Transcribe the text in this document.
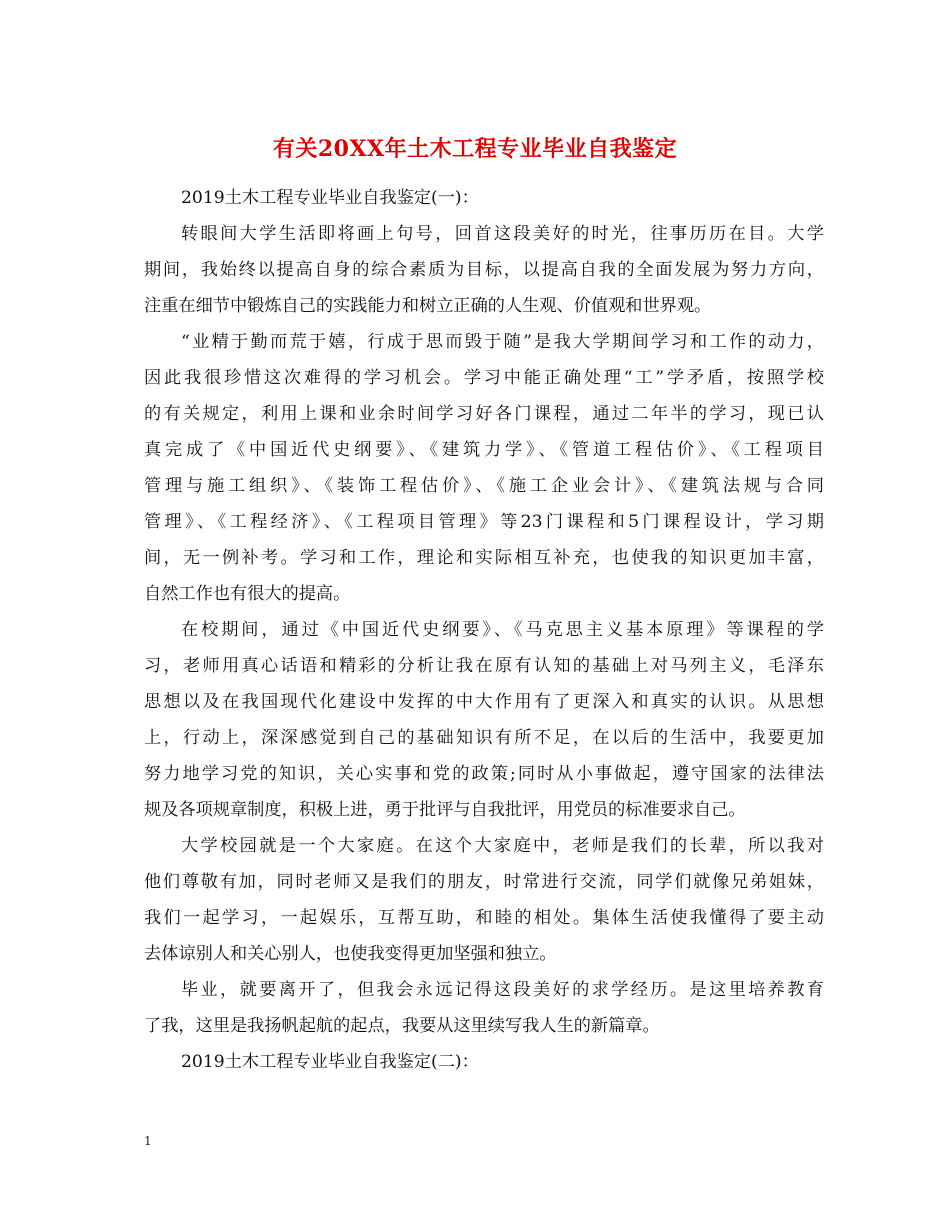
有关20XX年土木工程专业毕业自我鉴定
2019土木工程专业毕业自我鉴定(一)：
转眼间大学生活即将画上句号，回首这段美好的时光，往事历历在目。大学
期间，我始终以提高自身的综合素质为目标，以提高自我的全面发展为努力方向，
注重在细节中锻炼自己的实践能力和树立正确的人生观、价值观和世界观。
“业精于勤而荒于嬉，行成于思而毁于随”是我大学期间学习和工作的动力，
因此我很珍惜这次难得的学习机会。学习中能正确处理“工”学矛盾，按照学校
的有关规定，利用上课和业余时间学习好各门课程，通过二年半的学习，现已认
真完成了《中国近代史纲要》、《建筑力学》、《管道工程估价》、《工程项目
管理与施工组织》、《装饰工程估价》、《施工企业会计》、《建筑法规与合同
管理》、《工程经济》、《工程项目管理》等23门课程和5门课程设计，学习期
间，无一例补考。学习和工作，理论和实际相互补充，也使我的知识更加丰富，
自然工作也有很大的提高。
在校期间，通过《中国近代史纲要》、《马克思主义基本原理》等课程的学
习，老师用真心话语和精彩的分析让我在原有认知的基础上对马列主义，毛泽东
思想以及在我国现代化建设中发挥的中大作用有了更深入和真实的认识。从思想
上，行动上，深深感觉到自己的基础知识有所不足，在以后的生活中，我要更加
努力地学习党的知识，关心实事和党的政策;同时从小事做起，遵守国家的法律法
规及各项规章制度，积极上进，勇于批评与自我批评，用党员的标准要求自己。
大学校园就是一个大家庭。在这个大家庭中，老师是我们的长辈，所以我对
他们尊敬有加，同时老师又是我们的朋友，时常进行交流，同学们就像兄弟姐妹，
我们一起学习，一起娱乐，互帮互助，和睦的相处。集体生活使我懂得了要主动
去体谅别人和关心别人，也使我变得更加坚强和独立。
毕业，就要离开了，但我会永远记得这段美好的求学经历。是这里培养教育
了我，这里是我扬帆起航的起点，我要从这里续写我人生的新篇章。
2019土木工程专业毕业自我鉴定(二)：
1
